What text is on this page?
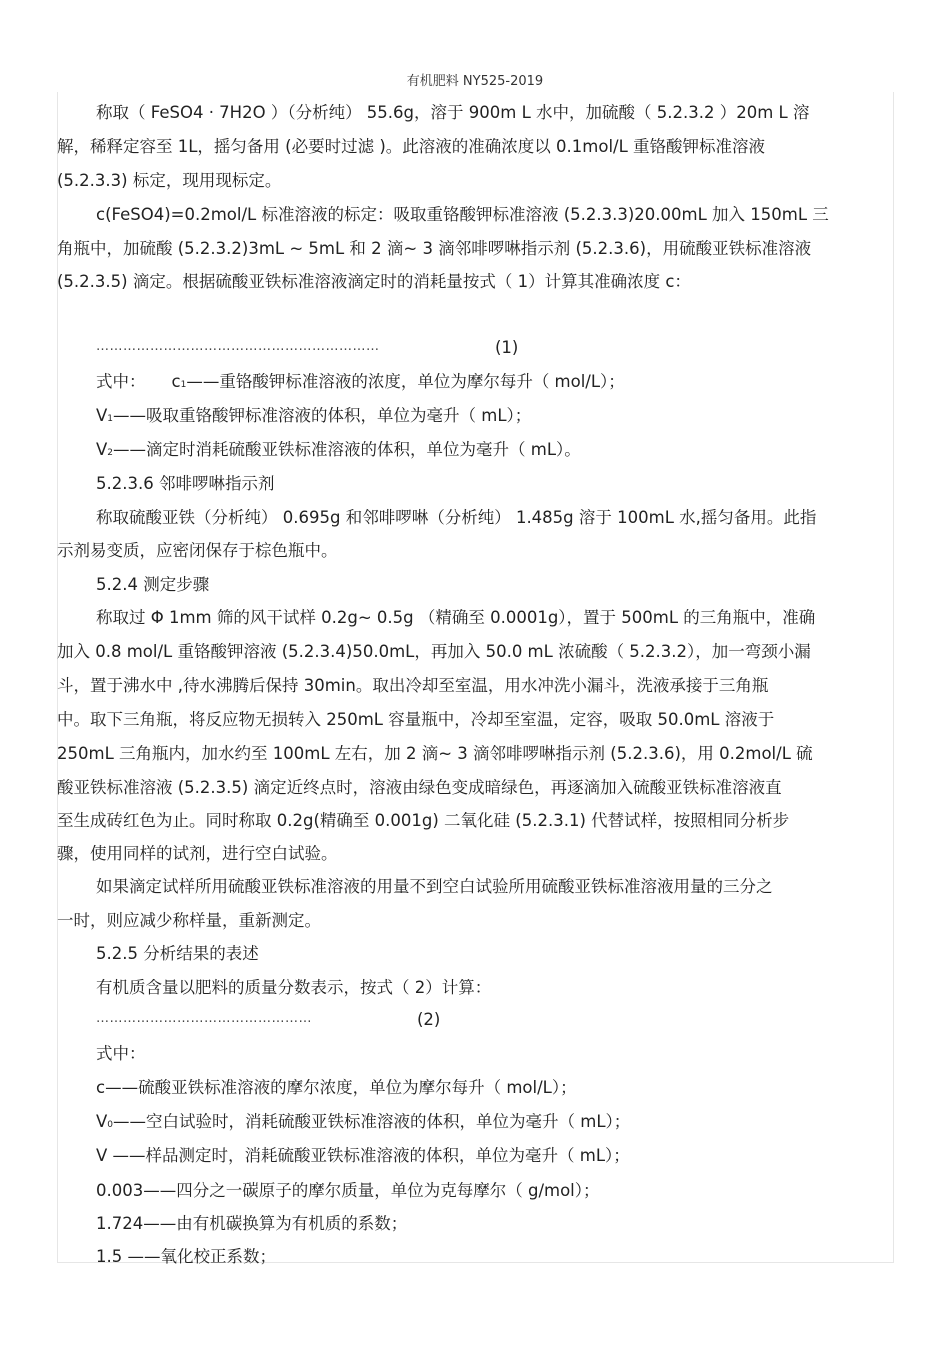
有机肥料 NY525-2019
称取（ FeSO4 · 7H2O ）（分析纯） 55.6g，溶于 900m L 水中，加硫酸（ 5.2.3.2 ）20m L 溶
解，稀释定容至 1L，摇匀备用 (必要时过滤 )。此溶液的准确浓度以 0.1mol/L 重铬酸钾标准溶液
(5.2.3.3) 标定，现用现标定。
c(FeSO4)=0.2mol/L 标准溶液的标定：吸取重铬酸钾标准溶液 (5.2.3.3)20.00mL 加入 150mL 三
角瓶中，加硫酸 (5.2.3.2)3mL ~ 5mL 和 2 滴~ 3 滴邻啡啰啉指示剂 (5.2.3.6)，用硫酸亚铁标准溶液
(5.2.3.5) 滴定。根据硫酸亚铁标准溶液滴定时的消耗量按式（ 1）计算其准确浓度 c：
………………………………………………………	(1)
式中： c1——重铬酸钾标准溶液的浓度，单位为摩尔每升（ mol/L）；
V1——吸取重铬酸钾标准溶液的体积，单位为毫升（ mL）；
V2——滴定时消耗硫酸亚铁标准溶液的体积，单位为毫升（ mL）。
5.2.3.6 邻啡啰啉指示剂
称取硫酸亚铁（分析纯） 0.695g 和邻啡啰啉（分析纯） 1.485g 溶于 100mL 水,摇匀备用。此指
示剂易变质，应密闭保存于棕色瓶中。
5.2.4 测定步骤
称取过 Φ 1mm 筛的风干试样 0.2g~ 0.5g （精确至 0.0001g），置于 500mL 的三角瓶中，准确
加入 0.8 mol/L 重铬酸钾溶液 (5.2.3.4)50.0mL，再加入 50.0 mL 浓硫酸（ 5.2.3.2），加一弯颈小漏
斗，置于沸水中 ,待水沸腾后保持 30min。取出冷却至室温，用水冲洗小漏斗，洗液承接于三角瓶
中。取下三角瓶，将反应物无损转入 250mL 容量瓶中，冷却至室温，定容，吸取 50.0mL 溶液于
250mL 三角瓶内，加水约至 100mL 左右，加 2 滴~ 3 滴邻啡啰啉指示剂 (5.2.3.6)，用 0.2mol/L 硫
酸亚铁标准溶液 (5.2.3.5) 滴定近终点时，溶液由绿色变成暗绿色，再逐滴加入硫酸亚铁标准溶液直
至生成砖红色为止。同时称取 0.2g(精确至 0.001g) 二氧化硅 (5.2.3.1) 代替试样，按照相同分析步
骤，使用同样的试剂，进行空白试验。
如果滴定试样所用硫酸亚铁标准溶液的用量不到空白试验所用硫酸亚铁标准溶液用量的三分之
一时，则应减少称样量，重新测定。
5.2.5 分析结果的表述
有机质含量以肥料的质量分数表示，按式（ 2）计算：
…………………………………………	(2)
式中：
c——硫酸亚铁标准溶液的摩尔浓度，单位为摩尔每升（ mol/L）；
V0——空白试验时，消耗硫酸亚铁标准溶液的体积，单位为毫升（ mL）；
V ——样品测定时，消耗硫酸亚铁标准溶液的体积，单位为毫升（ mL）；
0.003——四分之一碳原子的摩尔质量，单位为克每摩尔（ g/mol）；
1.724——由有机碳换算为有机质的系数；
1.5 ——氧化校正系数；
